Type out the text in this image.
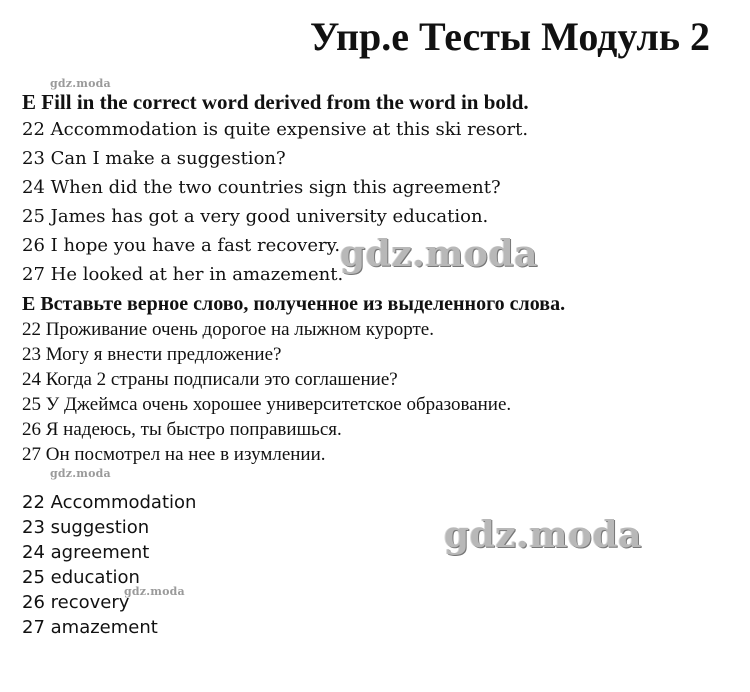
Упр.e Тесты Модуль 2
gdz.moda
E Fill in the correct word derived from the word in bold.
22 Accommodation is quite expensive at this ski resort.
23 Can I make a suggestion?
24 When did the two countries sign this agreement?
25 James has got a very good university education.
26 I hope you have a fast recovery.
27 He looked at her in amazement.
gdz.moda
E Вставьте верное слово, полученное из выделенного слова.
22 Проживание очень дорогое на лыжном курорте.
23 Могу я внести предложение?
24 Когда 2 страны подписали это соглашение?
25 У Джеймса очень хорошее университетское образование.
26 Я надеюсь, ты быстро поправишься.
27 Он посмотрел на нее в изумлении.
gdz.moda
22 Accommodation
23 suggestion
24 agreement
25 education
26 recovery
27 amazement
gdz.moda
gdz.moda
